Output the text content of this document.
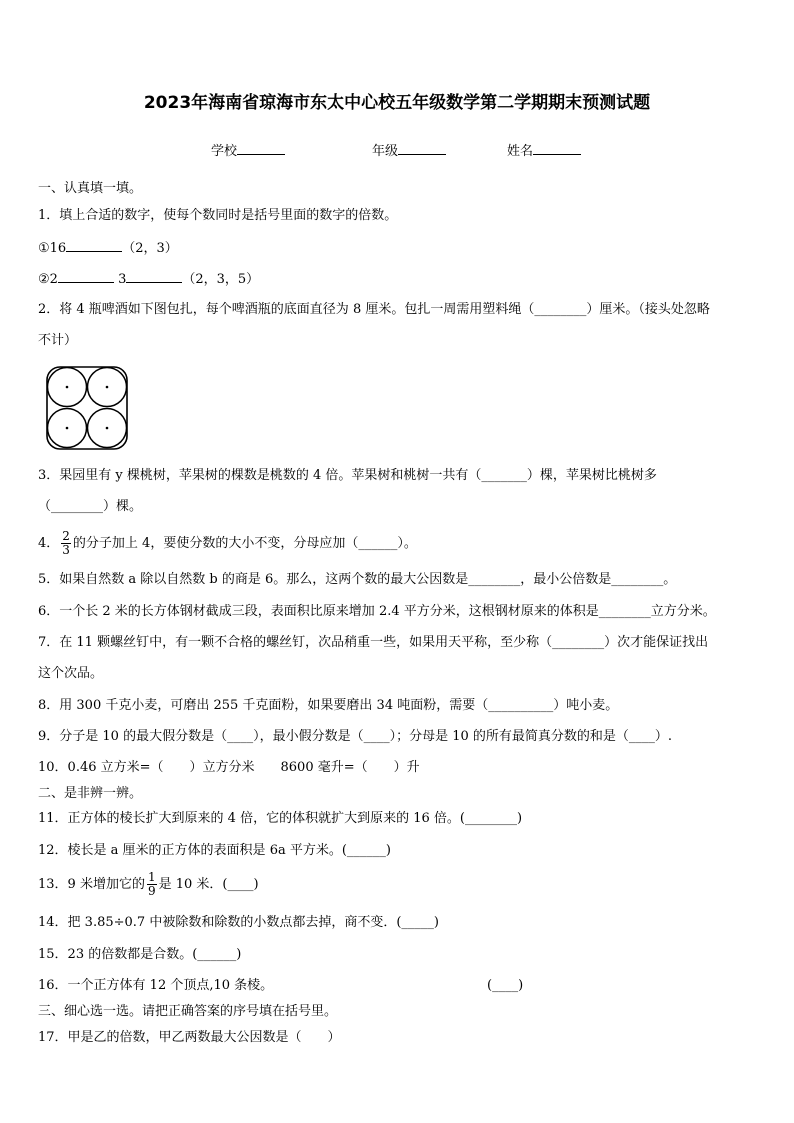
2023年海南省琼海市东太中心校五年级数学第二学期期末预测试题
学校	年级	姓名
一、认真填一填。
1．填上合适的数字，使每个数同时是括号里面的数字的倍数。
①16	（2，3）
②2	3	（2，3，5）
2．将 4 瓶啤酒如下图包扎，每个啤酒瓶的底面直径为 8 厘米。包扎一周需用塑料绳（________）厘米。（接头处忽略
不计）
3．果园里有 y 棵桃树，苹果树的棵数是桃数的 4 倍。苹果树和桃树一共有（_______）棵，苹果树比桃树多
（________）棵。
4． $\frac{2}{3}$ 的分子加上 4，要使分数的大小不变，分母应加（______）。
5．如果自然数 a 除以自然数 b 的商是 6。那么，这两个数的最大公因数是________，最小公倍数是________。
6．一个长 2 米的长方体钢材截成三段，表面积比原来增加 2.4 平方分米，这根钢材原来的体积是________立方分米。
7．在 11 颗螺丝钉中，有一颗不合格的螺丝钉，次品稍重一些，如果用天平称，至少称（________）次才能保证找出
这个次品。
8．用 300 千克小麦，可磨出 255 千克面粉，如果要磨出 34 吨面粉，需要（__________）吨小麦。
9．分子是 10 的最大假分数是（____），最小假分数是（____）；分母是 10 的所有最简真分数的和是（____）.
10．0.46 立方米=（　　）立方分米　　8600 毫升=（　　）升
二、是非辨一辨。
11．正方体的棱长扩大到原来的 4 倍，它的体积就扩大到原来的 16 倍。(________)
12．棱长是 a 厘米的正方体的表面积是 6a 平方米。(______)
13．9 米增加它的 $\frac{1}{9}$ 是 10 米．(____)
14．把 3.85÷0.7 中被除数和除数的小数点都去掉，商不变．(_____)
15．23 的倍数都是合数。(______)
16．一个正方体有 12 个顶点,10 条棱。	(____)
三、细心选一选。请把正确答案的序号填在括号里。
17．甲是乙的倍数，甲乙两数最大公因数是（　　）
